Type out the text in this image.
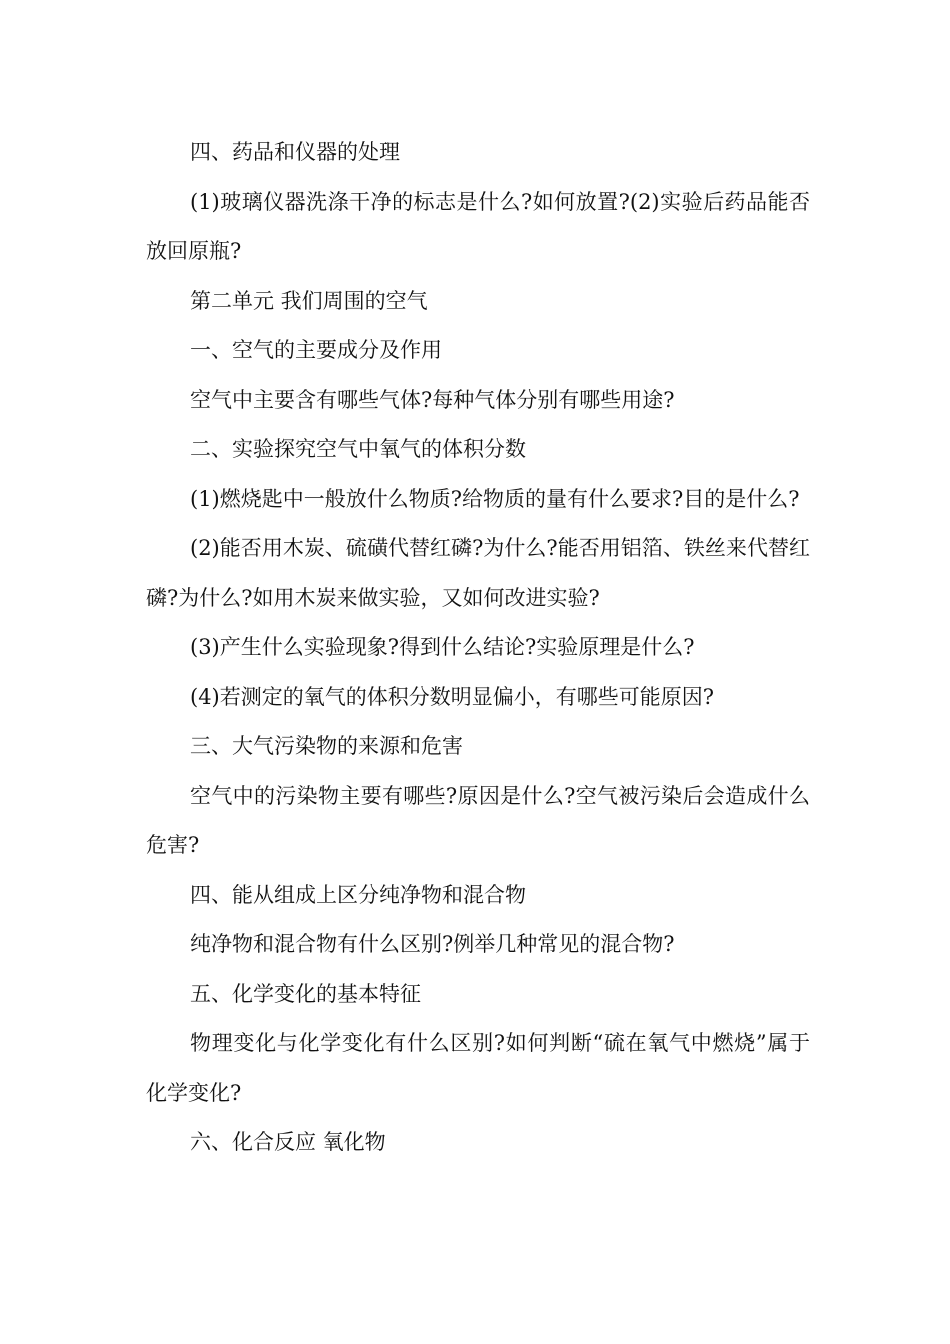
四、药品和仪器的处理

(1)玻璃仪器洗涤干净的标志是什么?如何放置?(2)实验后药品能否放回原瓶?

第二单元 我们周围的空气

一、空气的主要成分及作用

空气中主要含有哪些气体?每种气体分别有哪些用途?

二、实验探究空气中氧气的体积分数

(1)燃烧匙中一般放什么物质?给物质的量有什么要求?目的是什么?

(2)能否用木炭、硫磺代替红磷?为什么?能否用铝箔、铁丝来代替红磷?为什么?如用木炭来做实验，又如何改进实验?

(3)产生什么实验现象?得到什么结论?实验原理是什么?

(4)若测定的氧气的体积分数明显偏小，有哪些可能原因?

三、大气污染物的来源和危害

空气中的污染物主要有哪些?原因是什么?空气被污染后会造成什么危害?

四、能从组成上区分纯净物和混合物

纯净物和混合物有什么区别?例举几种常见的混合物?

五、化学变化的基本特征

物理变化与化学变化有什么区别?如何判断“硫在氧气中燃烧”属于化学变化?

六、化合反应 氧化物
